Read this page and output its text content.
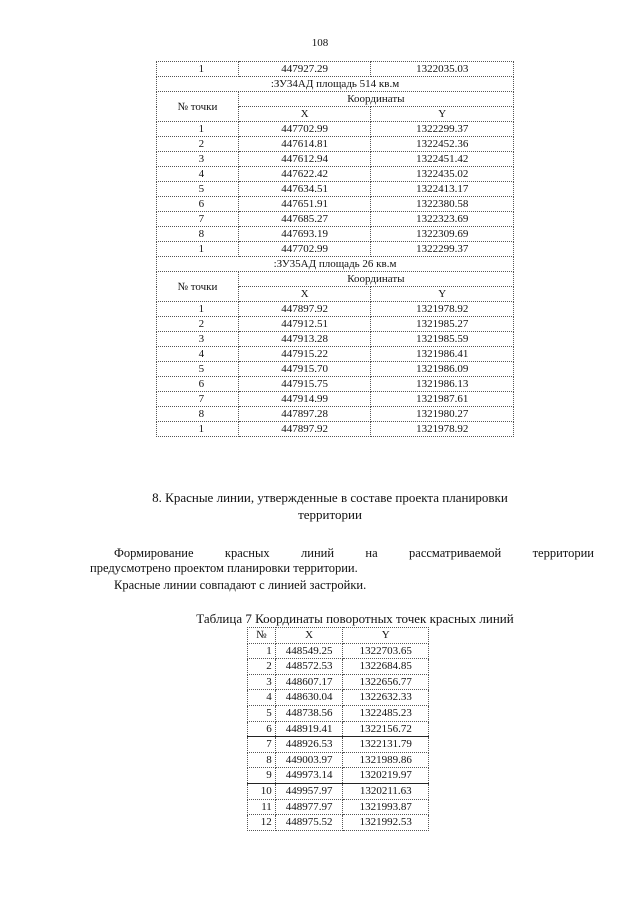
108
1	447927.29	1322035.03
:ЗУ34АД площадь 514 кв.м		
№ точки	Координаты	
	X	Y
1	447702.99	1322299.37
2	447614.81	1322452.36
3	447612.94	1322451.42
4	447622.42	1322435.02
5	447634.51	1322413.17
6	447651.91	1322380.58
7	447685.27	1322323.69
8	447693.19	1322309.69
1	447702.99	1322299.37
:ЗУ35АД площадь 26 кв.м		
№ точки	Координаты	
	X	Y
1	447897.92	1321978.92
2	447912.51	1321985.27
3	447913.28	1321985.59
4	447915.22	1321986.41
5	447915.70	1321986.09
6	447915.75	1321986.13
7	447914.99	1321987.61
8	447897.28	1321980.27
1	447897.92	1321978.92
8. Красные линии, утвержденные в составе проекта планировки
территории
Формирование	красных	линий	на	рассматриваемой	территории
предусмотрено проектом планировки территории.
Красные линии совпадают с линией застройки.
Таблица 7 Координаты поворотных точек красных линий
№	X	Y
1	448549.25	1322703.65
2	448572.53	1322684.85
3	448607.17	1322656.77
4	448630.04	1322632.33
5	448738.56	1322485.23
6	448919.41	1322156.72
7	448926.53	1322131.79
8	449003.97	1321989.86
9	449973.14	1320219.97
10	449957.97	1320211.63
11	448977.97	1321993.87
12	448975.52	1321992.53
